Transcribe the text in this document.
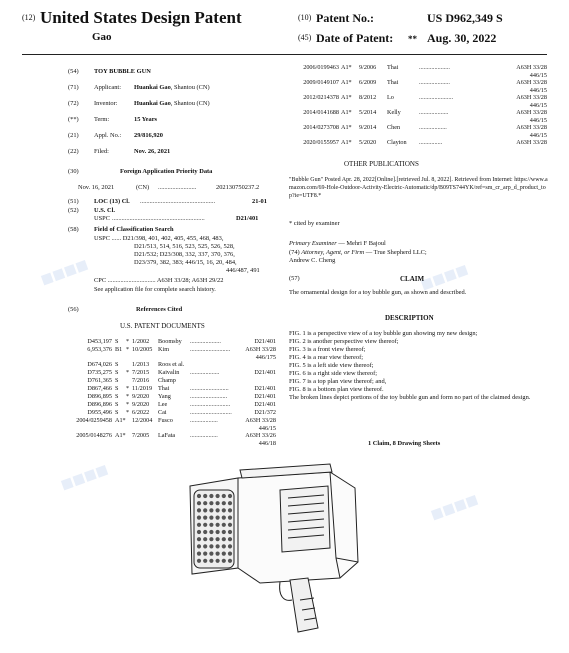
(12) United States Design Patent	(10) Patent No.:	US D962,349 S
Gao	(45) Date of Patent: ** Aug. 30, 2022
(54) TOY BUBBLE GUN
(71) Applicant: Huankai Gao, Shantou (CN)
(72) Inventor:	Huankai Gao, Shantou (CN)
(**) Term:	15 Years
(21) Appl. No.: 29/816,920
(22) Filed:	Nov. 26, 2021
(30)	Foreign Application Priority Data
Nov. 16, 2021	(CN) ........................	202130750237.2
(51) LOC (13) Cl. ...............................................	21-01
(52) U.S. Cl.
USPC ..........................................................	D21/401
(58) Field of Classification Search
USPC ...... D21/398, 401, 402, 405, 455, 468, 483,
D21/513, 514, 516, 523, 525, 526, 528,
D21/532; D23/308, 332, 337, 370, 376,
D23/379, 382, 383; 446/15, 16, 20, 484,
446/487, 491
CPC .............................. A63H 33/28; A63H 29/22
See application file for complete search history.
(56)	References Cited
U.S. PATENT DOCUMENTS
D453,197 S * 1/2002 Boomsby ....................	D21/401
6,953,376 B1 * 10/2005 Kim	..........................	A63H 33/28
446/175
D674,026 S 1/2013 Roos et al.
D735,275 S * 7/2015 Kaivalin ...................	D21/401
D761,365 S 7/2016 Champ
D867,466 S * 11/2019 Thai	.........................	D21/401
D896,895 S * 9/2020 Yang	........................	D21/401
D896,896 S * 9/2020 Lee	..........................	D21/401
D955,496 S * 6/2022 Cai	...........................	D21/372
2004/0259458 A1* 12/2004 Fusco	..................	A63H 33/28
446/15
2005/0148276 A1* 7/2005 LaFata ..................	A63H 33/26
446/18
2006/0199463 A1* 9/2006 Thai	....................	A63H 33/28
446/15
2009/0149107 A1* 6/2009 Thai	....................	A63H 33/28
446/15
2012/0214378 A1* 8/2012 Lo	......................	A63H 33/28
446/15
2014/0141688 A1* 5/2014 Kelly	...................	A63H 33/28
446/15
2014/0273708 A1* 9/2014 Chen	..................	A63H 33/28
446/15
2020/0155957 A1* 5/2020 Clayton ...............	A63H 33/28
OTHER PUBLICATIONS
"Bubble Gun" Posted Apr. 28, 2022[Online].[retrieved Jul. 8, 2022]. Retrieved from Internet: https://www.amazon.com/69-Hole-Outdoor-Activity-Electric-Automatic/dp/B09TS744YK/ref=sm_cr_arp_d_product_top?ie=UTF8.*
* cited by examiner
Primary Examiner — Mehri F Bajoul
(74) Attorney, Agent, or Firm — True Shepherd LLC;
Andrew C. Cheng
(57)	CLAIM
The ornamental design for a toy bubble gun, as shown and described.
DESCRIPTION
FIG. 1 is a perspective view of a toy bubble gun showing my new design;
FIG. 2 is another perspective view thereof;
FIG. 3 is a front view thereof;
FIG. 4 is a rear view thereof;
FIG. 5 is a left side view thereof;
FIG. 6 is a right side view thereof;
FIG. 7 is a top plan view thereof; and,
FIG. 8 is a bottom plan view thereof.
The broken lines depict portions of the toy bubble gun and form no part of the claimed design.
1 Claim, 8 Drawing Sheets
■■■■	■■■■
■■■■
■■■■
